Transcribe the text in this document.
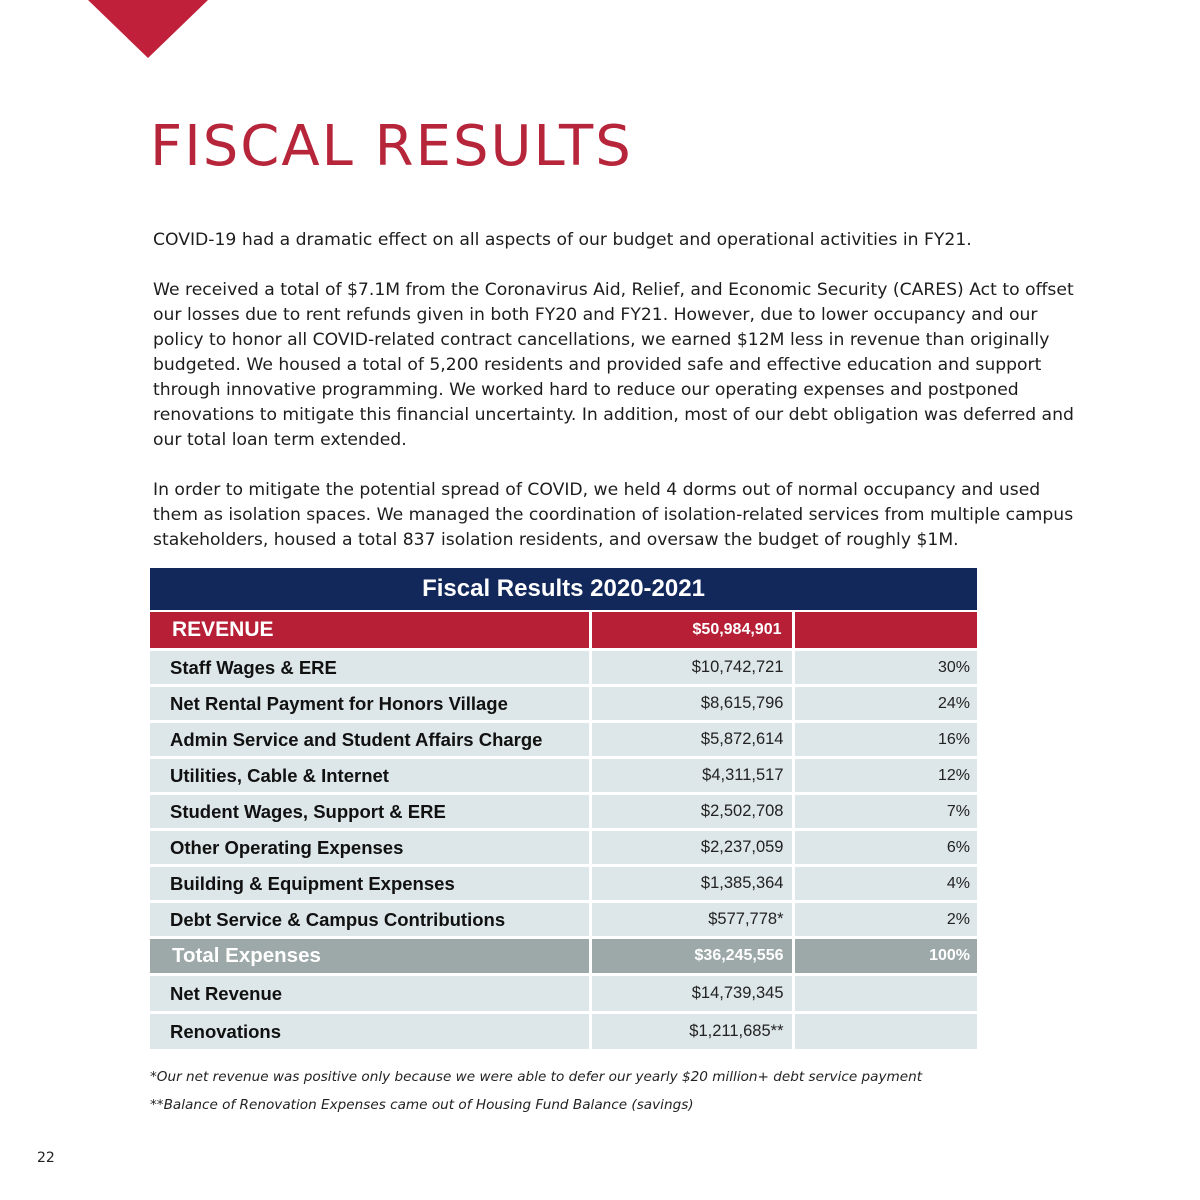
FISCAL RESULTS

COVID-19 had a dramatic effect on all aspects of our budget and operational activities in FY21.

We received a total of $7.1M from the Coronavirus Aid, Relief, and Economic Security (CARES) Act to offset our losses due to rent refunds given in both FY20 and FY21. However, due to lower occupancy and our policy to honor all COVID-related contract cancellations, we earned $12M less in revenue than originally budgeted. We housed a total of 5,200 residents and provided safe and effective education and support through innovative programming. We worked hard to reduce our operating expenses and postponed renovations to mitigate this financial uncertainty. In addition, most of our debt obligation was deferred and our total loan term extended.

In order to mitigate the potential spread of COVID, we held 4 dorms out of normal occupancy and used them as isolation spaces. We managed the coordination of isolation-related services from multiple campus stakeholders, housed a total 837 isolation residents, and oversaw the budget of roughly $1M.

Fiscal Results 2020-2021		
REVENUE	$50,984,901	
Staff Wages & ERE	$10,742,721	30%
Net Rental Payment for Honors Village	$8,615,796	24%
Admin Service and Student Affairs Charge	$5,872,614	16%
Utilities, Cable & Internet	$4,311,517	12%
Student Wages, Support & ERE	$2,502,708	7%
Other Operating Expenses	$2,237,059	6%
Building & Equipment Expenses	$1,385,364	4%
Debt Service & Campus Contributions	$577,778*	2%
Total Expenses	$36,245,556	100%
Net Revenue	$14,739,345	
Renovations	$1,211,685**	

*Our net revenue was positive only because we were able to defer our yearly $20 million+ debt service payment

**Balance of Renovation Expenses came out of Housing Fund Balance (savings)

22
